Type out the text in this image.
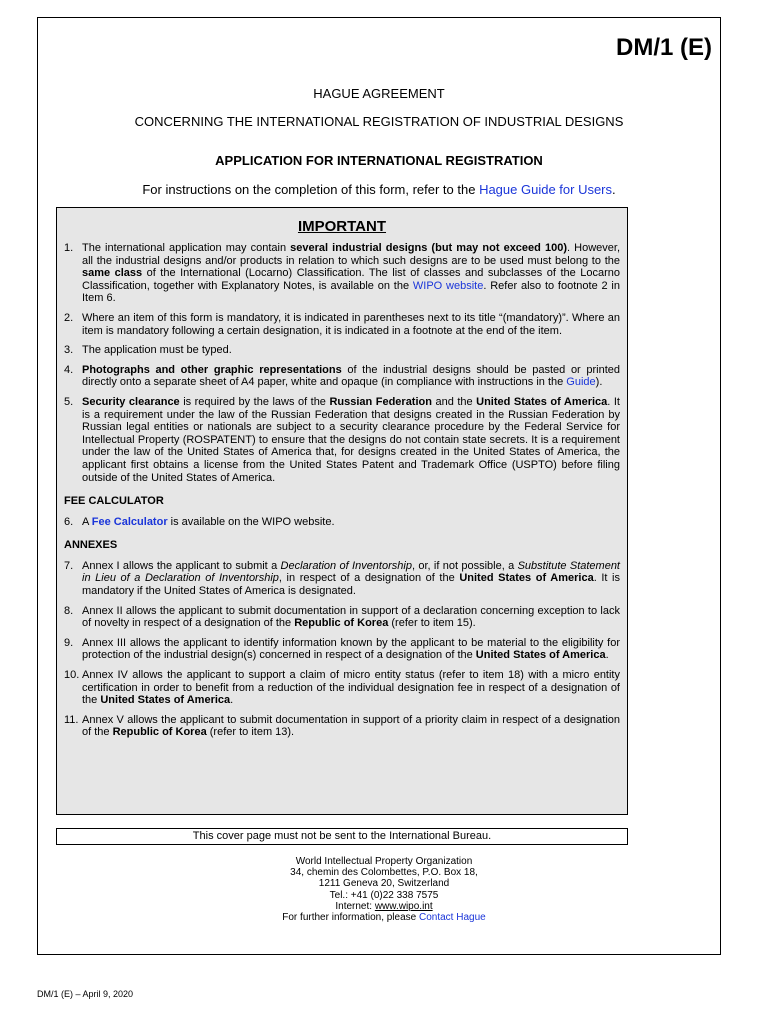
DM/1 (E)
HAGUE AGREEMENT
CONCERNING THE INTERNATIONAL REGISTRATION OF INDUSTRIAL DESIGNS
APPLICATION FOR INTERNATIONAL REGISTRATION
For instructions on the completion of this form, refer to the Hague Guide for Users.
IMPORTANT
1. The international application may contain several industrial designs (but may not exceed 100). However, all the industrial designs and/or products in relation to which such designs are to be used must belong to the same class of the International (Locarno) Classification. The list of classes and subclasses of the Locarno Classification, together with Explanatory Notes, is available on the WIPO website. Refer also to footnote 2 in Item 6.
2. Where an item of this form is mandatory, it is indicated in parentheses next to its title “(mandatory)”. Where an item is mandatory following a certain designation, it is indicated in a footnote at the end of the item.
3. The application must be typed.
4. Photographs and other graphic representations of the industrial designs should be pasted or printed directly onto a separate sheet of A4 paper, white and opaque (in compliance with instructions in the Guide).
5. Security clearance is required by the laws of the Russian Federation and the United States of America. It is a requirement under the law of the Russian Federation that designs created in the Russian Federation by Russian legal entities or nationals are subject to a security clearance procedure by the Federal Service for Intellectual Property (ROSPATENT) to ensure that the designs do not contain state secrets. It is a requirement under the law of the United States of America that, for designs created in the United States of America, the applicant first obtains a license from the United States Patent and Trademark Office (USPTO) before filing outside of the United States of America.
FEE CALCULATOR
6. A Fee Calculator is available on the WIPO website.
ANNEXES
7. Annex I allows the applicant to submit a Declaration of Inventorship, or, if not possible, a Substitute Statement in Lieu of a Declaration of Inventorship, in respect of a designation of the United States of America. It is mandatory if the United States of America is designated.
8. Annex II allows the applicant to submit documentation in support of a declaration concerning exception to lack of novelty in respect of a designation of the Republic of Korea (refer to item 15).
9. Annex III allows the applicant to identify information known by the applicant to be material to the eligibility for protection of the industrial design(s) concerned in respect of a designation of the United States of America.
10. Annex IV allows the applicant to support a claim of micro entity status (refer to item 18) with a micro entity certification in order to benefit from a reduction of the individual designation fee in respect of a designation of the United States of America.
11. Annex V allows the applicant to submit documentation in support of a priority claim in respect of a designation of the Republic of Korea (refer to item 13).
This cover page must not be sent to the International Bureau.
World Intellectual Property Organization
34, chemin des Colombettes, P.O. Box 18,
1211 Geneva 20, Switzerland
Tel.: +41 (0)22 338 7575
Internet: www.wipo.int
For further information, please Contact Hague
DM/1 (E) – April 9, 2020
